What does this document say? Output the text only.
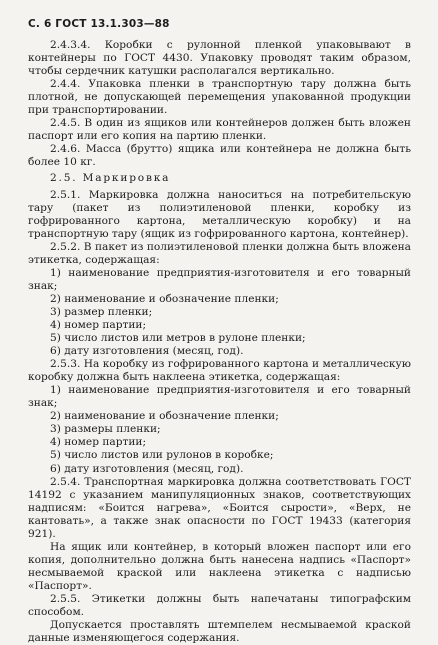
С. 6 ГОСТ 13.1.303—88

2.4.3.4. Коробки с рулонной пленкой упаковывают в контейнеры по ГОСТ 4430. Упаковку проводят таким образом, чтобы сердечник катушки располагался вертикально.

2.4.4. Упаковка пленки в транспортную тару должна быть плотной, не допускающей перемещения упакованной продукции при транспортировании.

2.4.5. В один из ящиков или контейнеров должен быть вложен паспорт или его копия на партию пленки.

2.4.6. Масса (брутто) ящика или контейнера не должна быть более 10 кг.

2.5. Маркировка

2.5.1. Маркировка должна наноситься на потребительскую тару (пакет из полиэтиленовой пленки, коробку из гофрированного картона, металлическую коробку) и на транспортную тару (ящик из гофрированного картона, контейнер).

2.5.2. В пакет из полиэтиленовой пленки должна быть вложена этикетка, содержащая:

1) наименование предприятия-изготовителя и его товарный знак;

2) наименование и обозначение пленки;

3) размер пленки;

4) номер партии;

5) число листов или метров в рулоне пленки;

6) дату изготовления (месяц, год).

2.5.3. На коробку из гофрированного картона и металлическую коробку должна быть наклеена этикетка, содержащая:

1) наименование предприятия-изготовителя и его товарный знак;

2) наименование и обозначение пленки;

3) размеры пленки;

4) номер партии;

5) число листов или рулонов в коробке;

6) дату изготовления (месяц, год).

2.5.4. Транспортная маркировка должна соответствовать ГОСТ 14192 с указанием манипуляционных знаков, соответствующих надписям: «Боится нагрева», «Боится сырости», «Верх, не кантовать», а также знак опасности по ГОСТ 19433 (категория 921).

На ящик или контейнер, в который вложен паспорт или его копия, дополнительно должна быть нанесена надпись «Паспорт» несмываемой краской или наклеена этикетка с надписью «Паспорт».

2.5.5. Этикетки должны быть напечатаны типографским способом.

Допускается проставлять штемпелем несмываемой краской данные изменяющегося содержания.
